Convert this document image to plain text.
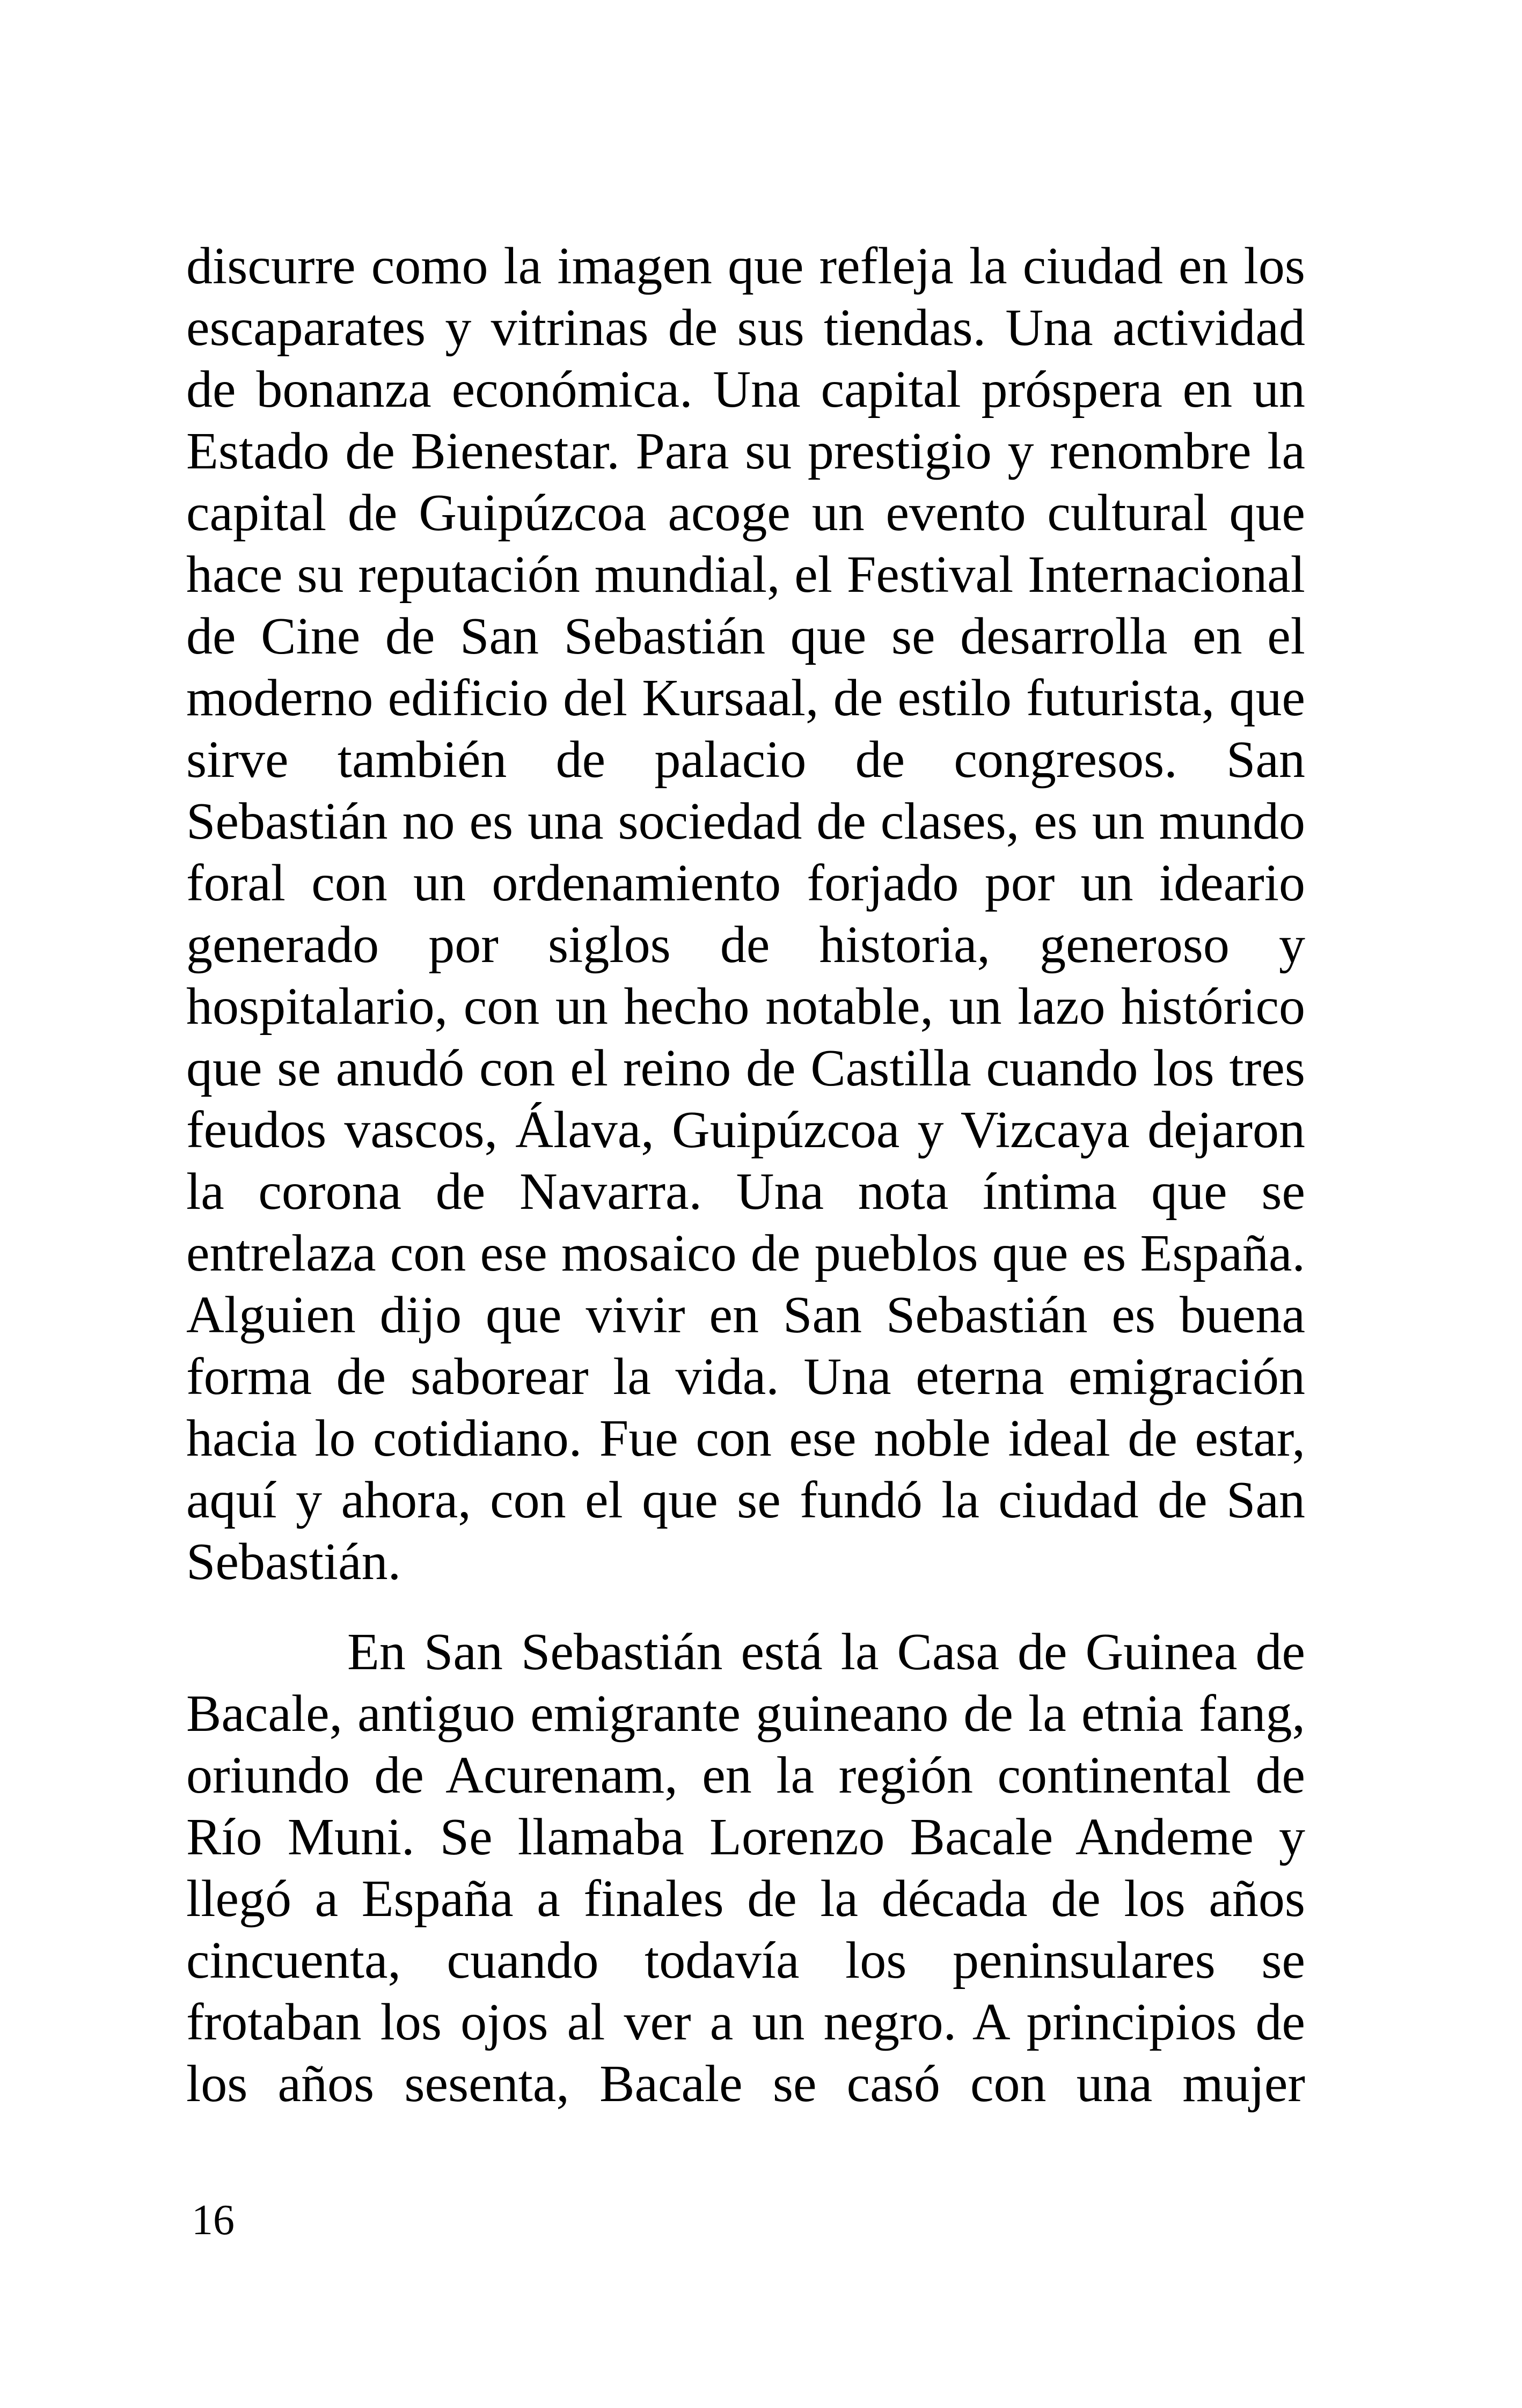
discurre como la imagen que refleja la ciudad en los
escaparates y vitrinas de sus tiendas. Una actividad
de bonanza económica. Una capital próspera en un
Estado de Bienestar. Para su prestigio y renombre la
capital de Guipúzcoa acoge un evento cultural que
hace su reputación mundial, el Festival Internacional
de Cine de San Sebastián que se desarrolla en el
moderno edificio del Kursaal, de estilo futurista, que
sirve también de palacio de congresos. San
Sebastián no es una sociedad de clases, es un mundo
foral con un ordenamiento forjado por un ideario
generado por siglos de historia, generoso y
hospitalario, con un hecho notable, un lazo histórico
que se anudó con el reino de Castilla cuando los tres
feudos vascos, Álava, Guipúzcoa y Vizcaya dejaron
la corona de Navarra. Una nota íntima que se
entrelaza con ese mosaico de pueblos que es España.
Alguien dijo que vivir en San Sebastián es buena
forma de saborear la vida. Una eterna emigración
hacia lo cotidiano. Fue con ese noble ideal de estar,
aquí y ahora, con el que se fundó la ciudad de San
Sebastián.
En San Sebastián está la Casa de Guinea de
Bacale, antiguo emigrante guineano de la etnia fang,
oriundo de Acurenam, en la región continental de
Río Muni. Se llamaba Lorenzo Bacale Andeme y
llegó a España a finales de la década de los años
cincuenta, cuando todavía los peninsulares se
frotaban los ojos al ver a un negro. A principios de
los años sesenta, Bacale se casó con una mujer
16
